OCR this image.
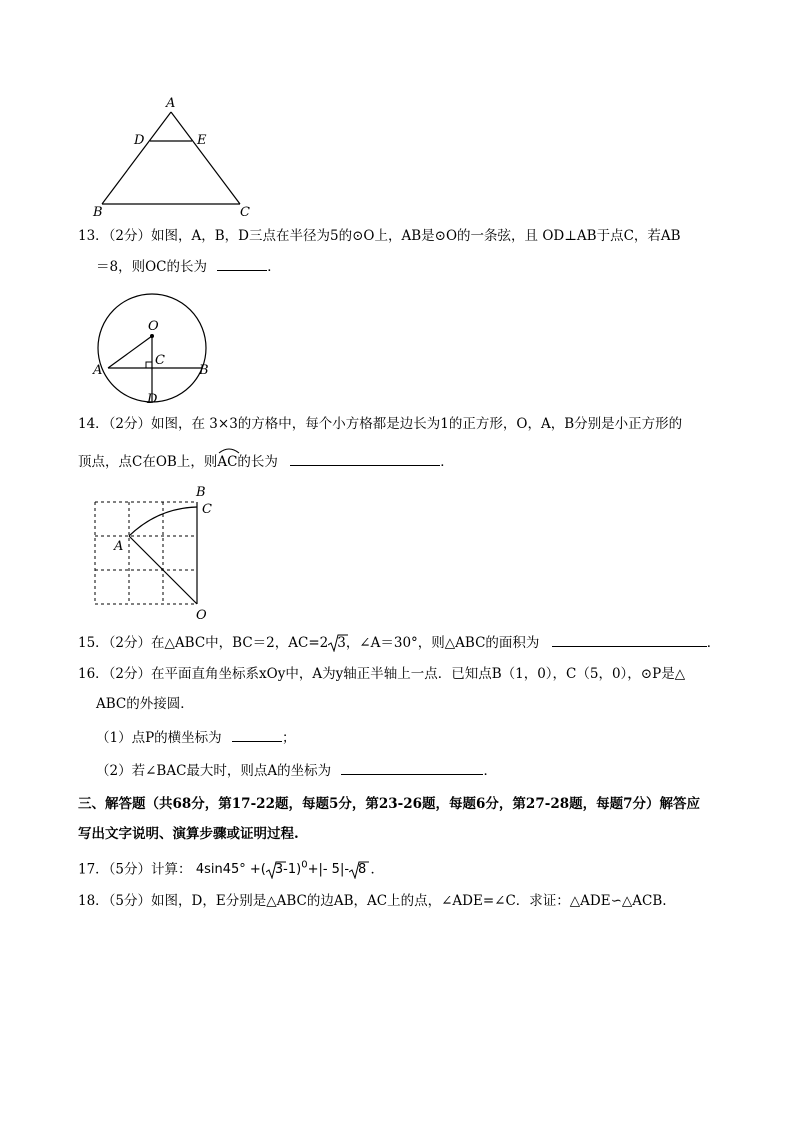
A
D	E
B	C
13．（2分）如图，A，B，D三点在半径为5的⊙O上，AB是⊙O的一条弦，且 OD⊥AB于点C，若AB
＝8，则OC的长为	．
O
C
A	B
D
14．（2分）如图，在 3×3的方格中，每个小方格都是边长为1的正方形，O，A，B分别是小正方形的
顶点，点C在OB上，则
AC的长为	．
B
C
A
O
15．（2分）在△ABC中，BC＝2，AC=2 3，∠A＝30°，则△ABC的面积为	．
16．（2分）在平面直角坐标系xOy中，A为y轴正半轴上一点．已知点B（1，0），C（5，0），⊙P是△
ABC的外接圆．
（1）点P的横坐标为	；
（2）若∠BAC最大时，则点A的坐标为	．
三、解答题（共68分，第17-22题，每题5分，第23-26题，每题6分，第27-28题，每题7分）解答应
写出文字说明、演算步骤或证明过程.
17．（5分）计算： 4sin45° +( 3-1)$^0$+|- 5|- 8 ．
18．（5分）如图，D，E分别是△ABC的边AB，AC上的点，∠ADE=∠C．求证：△ADE∽△ACB.
